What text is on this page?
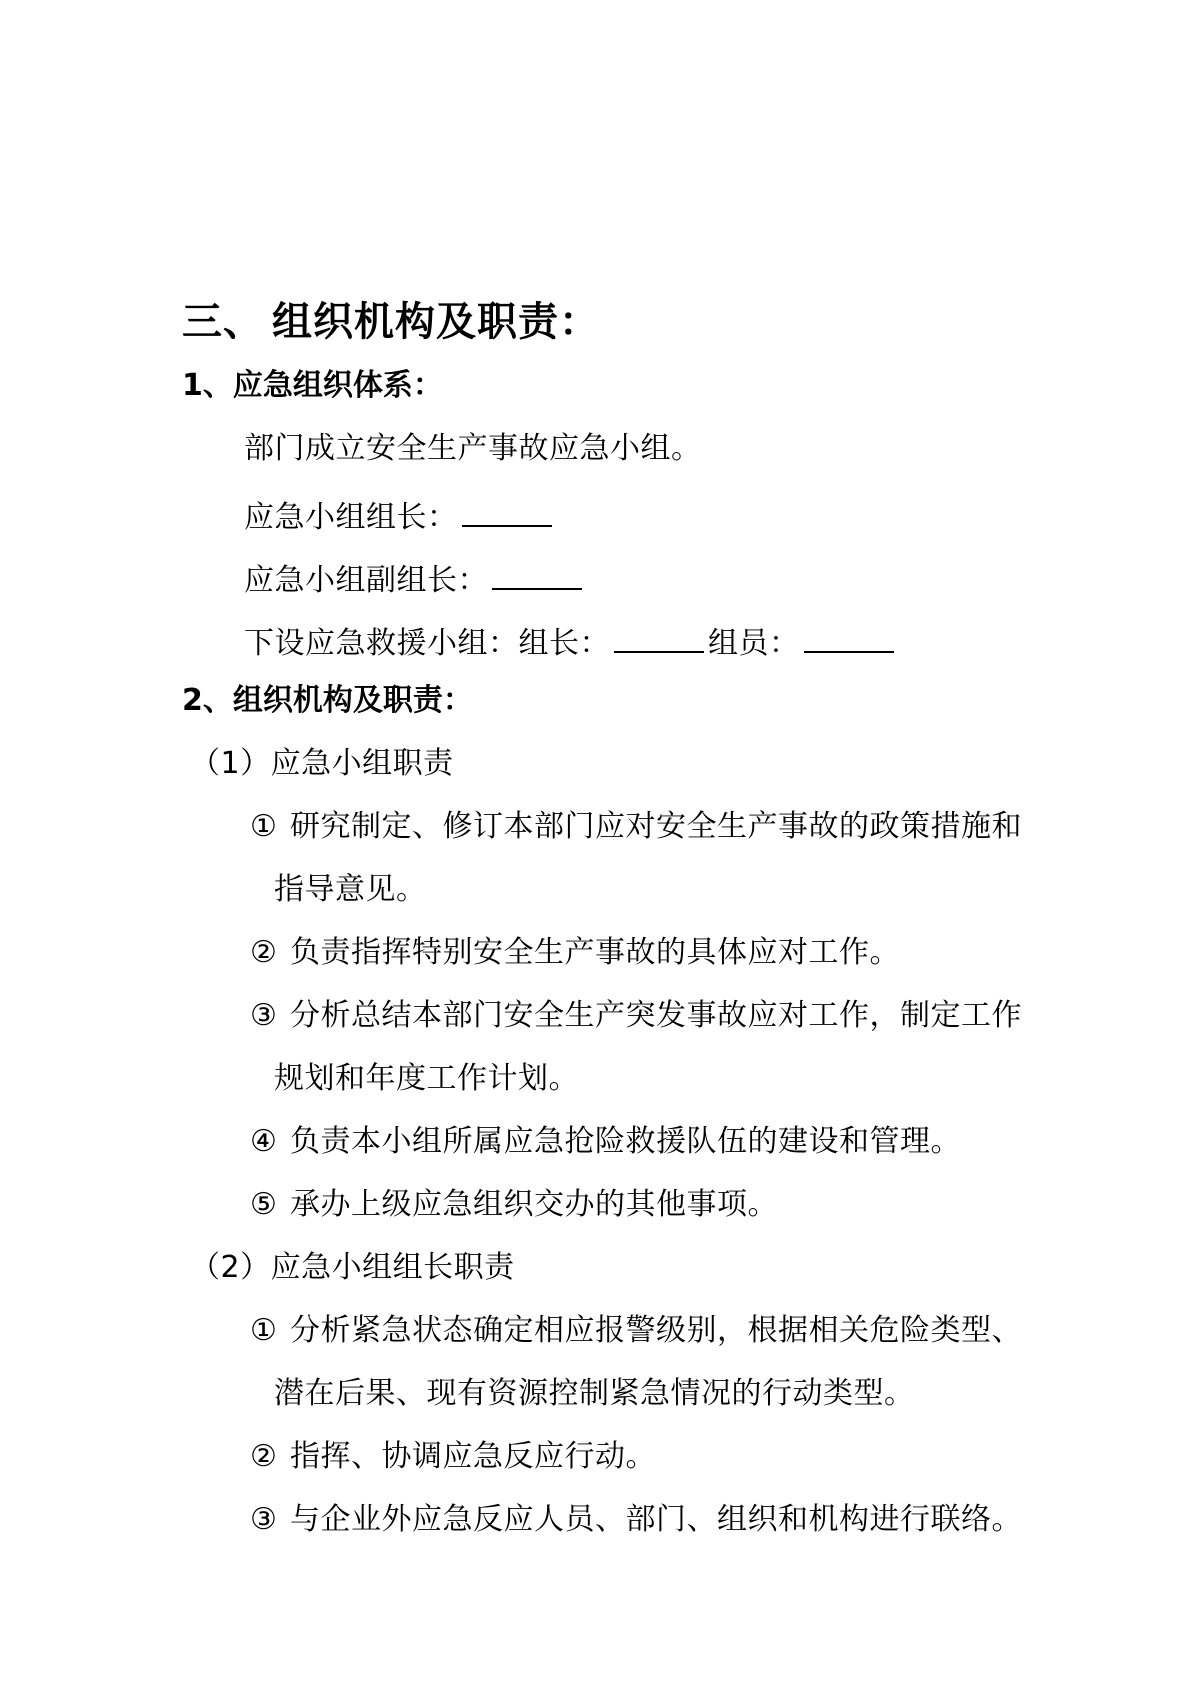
三、 组织机构及职责：
1、应急组织体系：
部门成立安全生产事故应急小组。
应急小组组长：
应急小组副组长：
下设应急救援小组：组长：	组员：
2、组织机构及职责：
（1）应急小组职责
① 研究制定、修订本部门应对安全生产事故的政策措施和
指导意见。
② 负责指挥特别安全生产事故的具体应对工作。
③ 分析总结本部门安全生产突发事故应对工作，制定工作
规划和年度工作计划。
④ 负责本小组所属应急抢险救援队伍的建设和管理。
⑤ 承办上级应急组织交办的其他事项。
（2）应急小组组长职责
① 分析紧急状态确定相应报警级别，根据相关危险类型、
潜在后果、现有资源控制紧急情况的行动类型。
② 指挥、协调应急反应行动。
③ 与企业外应急反应人员、部门、组织和机构进行联络。
